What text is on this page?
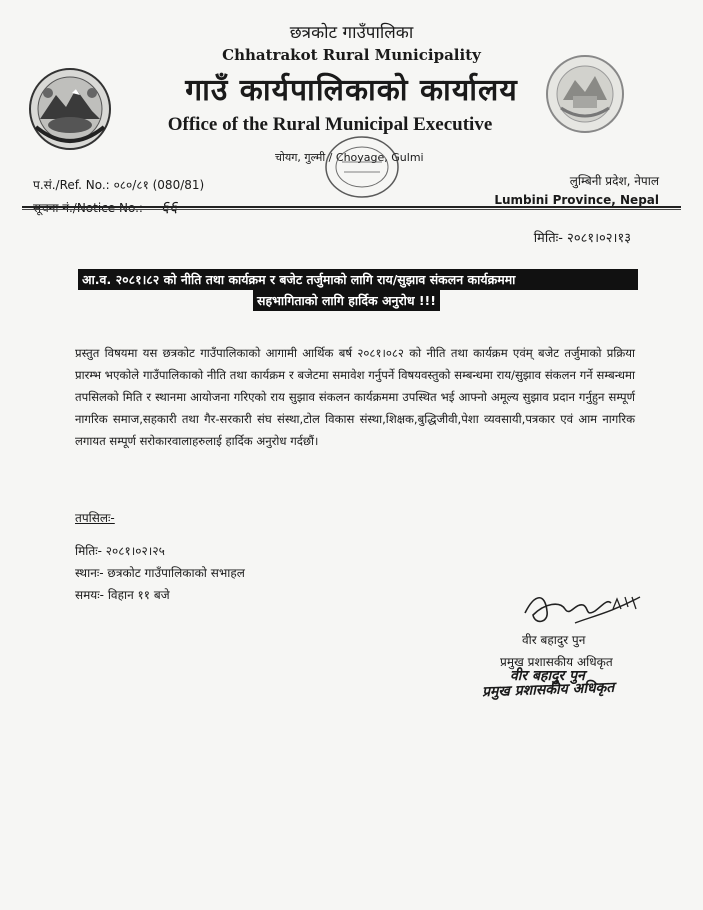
छत्रकोट गाउँपालिका
Chhatrakot Rural Municipality
गाउँ कार्यपालिकाको कार्यालय
Office of the Rural Municipal Executive
चोयग, गुल्मी / Choyage, Gulmi
प.सं./Ref. No.: ०८०/८१ (080/81)
सूचना नं./Notice No.: ६६
लुम्बिनी प्रदेश, नेपाल
Lumbini Province, Nepal
मितिः- २०८१।०२।१३
आ.व. २०८१।८२ को नीति तथा कार्यक्रम र बजेट तर्जुमाको लागि राय/सुझाव संकलन कार्यक्रममा
सहभागिताको लागि हार्दिक अनुरोध !!!
प्रस्तुत विषयमा यस छत्रकोट गाउँपालिकाको आगामी आर्थिक बर्ष २०८१।०८२ को नीति तथा कार्यक्रम एवंम् बजेट तर्जुमाको प्रक्रिया प्रारम्भ भएकोले गाउँपालिकाको नीति तथा कार्यक्रम र बजेटमा समावेश गर्नुपर्ने विषयवस्तुको सम्बन्धमा राय/सुझाव संकलन गर्ने सम्बन्धमा तपसिलको मिति र स्थानमा आयोजना गरिएको राय सुझाव संकलन कार्यक्रममा उपस्थित भई आफ्नो अमूल्य सुझाव प्रदान गर्नुहुन सम्पूर्ण नागरिक समाज,सहकारी तथा गैर-सरकारी संघ संस्था,टोल विकास संस्था,शिक्षक,बुद्धिजीवी,पेशा व्यवसायी,पत्रकार एवं आम नागरिक लगायत सम्पूर्ण सरोकारवालाहरुलाई हार्दिक अनुरोध गर्दछौं।
तपसिलः-
मितिः- २०८१।०२।२५
स्थानः- छत्रकोट गाउँपालिकाको सभाहल
समयः- विहान ११ बजे
वीर बहादुर पुन
प्रमुख प्रशासकीय अधिकृत
वीर बहादुर पुन
प्रमुख प्रशासकीय अधिकृत
